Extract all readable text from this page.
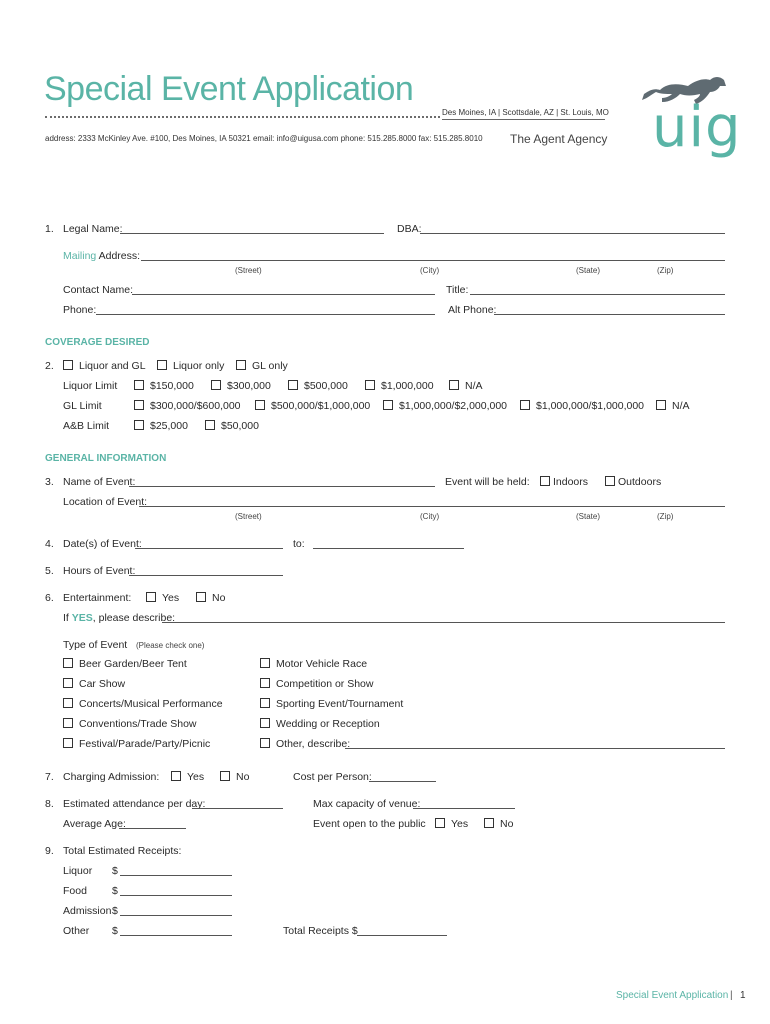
Special Event Application
Des Moines, IA | Scottsdale, AZ | St. Louis, MO
address: 2333 McKinley Ave. #100, Des Moines, IA 50321 email: info@uigusa.com phone: 515.285.8000 fax: 515.285.8010 The Agent Agency uig
1. Legal Name:	DBA:
Mailing Address:
(Street)	(City)	(State)	(Zip)
Contact Name:	Title:
Phone:	Alt Phone:
COVERAGE DESIRED
2.	Liquor and GL	Liquor only	GL only
Liquor Limit	$150,000	$300,000	$500,000	$1,000,000	N/A
GL Limit	$300,000/$600,000	$500,000/$1,000,000	$1,000,000/$2,000,000	$1,000,000/$1,000,000	N/A
A&B Limit	$25,000	$50,000
GENERAL INFORMATION
3. Name of Event:	Event will be held:	Indoors	Outdoors
Location of Event:
(Street)	(City)	(State)	(Zip)
4. Date(s) of Event:	to:
5. Hours of Event:
6. Entertainment:	Yes	No
If YES, please describe:
Type of Event (Please check one)
Beer Garden/Beer Tent
Car Show
Concerts/Musical Performance
Conventions/Trade Show
Festival/Parade/Party/Picnic
Motor Vehicle Race
Competition or Show
Sporting Event/Tournament
Wedding or Reception
Other, describe:
7. Charging Admission:	Yes	No	Cost per Person:
8. Estimated attendance per day:	Max capacity of venue:
Average Age:	Event open to the public	Yes	No
9. Total Estimated Receipts:
Liquor $
Food $
Admission $
Other $	Total Receipts $
Special Event Application | 1
